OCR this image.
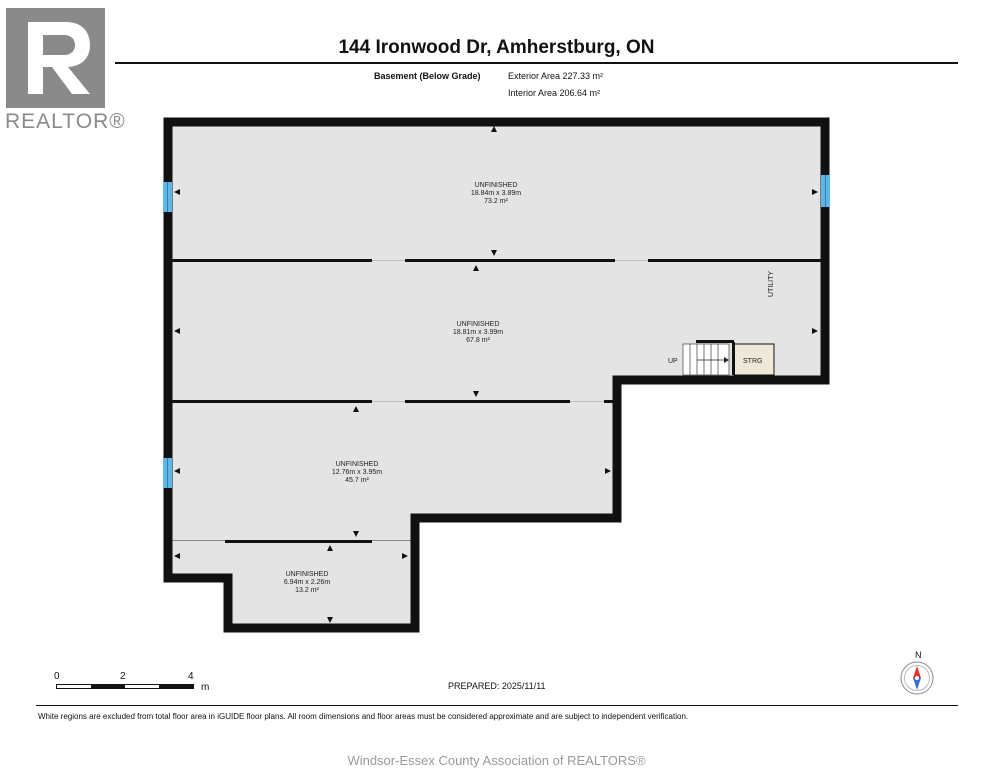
REALTOR®
144 Ironwood Dr, Amherstburg, ON
Basement (Below Grade)	Exterior Area 227.33 m²
Interior Area 206.64 m²
UNFINISHED
18.84m x 3.89m
73.2 m²
UNFINISHED
18.81m x 3.99m
67.8 m²
UNFINISHED
12.76m x 3.95m
45.7 m²
UNFINISHED
6.94m x 2.26m
13.2 m²
UTILITY
STRG
UP
0	2	4
m	PREPARED: 2025/11/11
N
White regions are excluded from total floor area in iGUIDE floor plans. All room dimensions and floor areas must be considered approximate and are subject to independent verification.
Windsor-Essex County Association of REALTORS®
